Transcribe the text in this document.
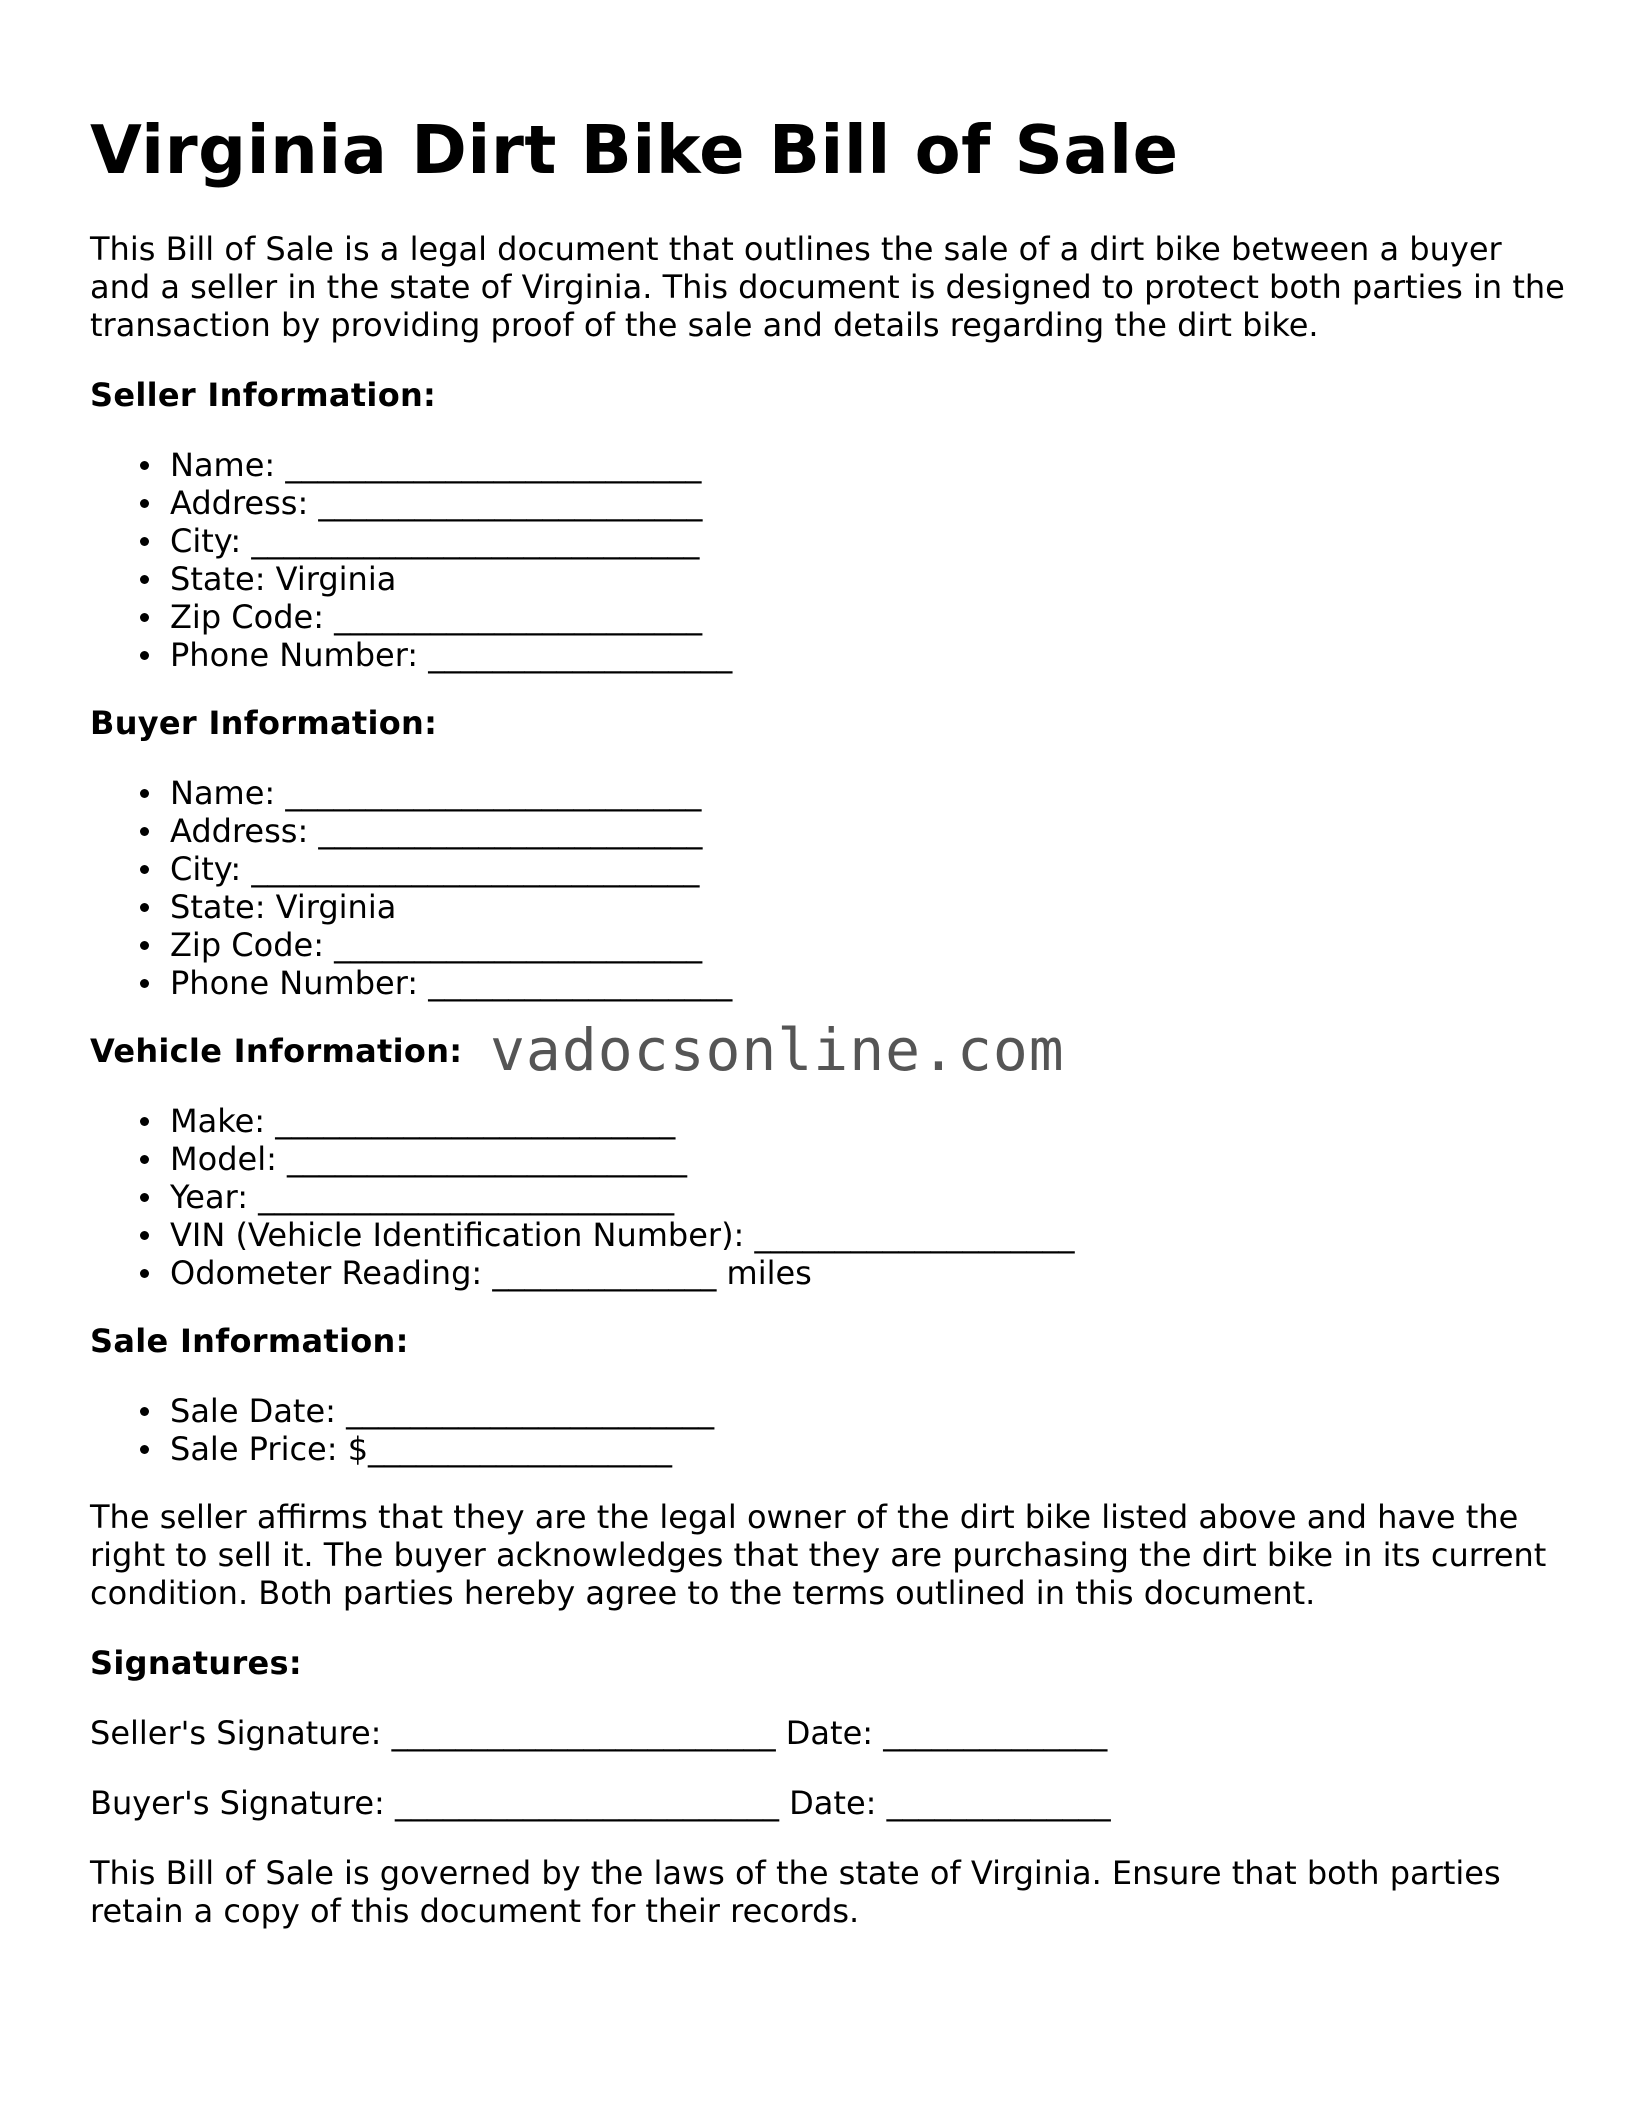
Virginia Dirt Bike Bill of Sale

This Bill of Sale is a legal document that outlines the sale of a dirt bike between a buyer and a seller in the state of Virginia. This document is designed to protect both parties in the transaction by providing proof of the sale and details regarding the dirt bike.

Seller Information:
Name: __________________________
Address: ________________________
City: ____________________________
State: Virginia
Zip Code: _______________________
Phone Number: ___________________
Buyer Information:
Name: __________________________
Address: ________________________
City: ____________________________
State: Virginia
Zip Code: _______________________
Phone Number: ___________________
Vehicle Information: vadocsonline.com
Make: _________________________
Model: _________________________
Year: __________________________
VIN (Vehicle Identification Number): ____________________
Odometer Reading: ______________ miles
Sale Information:
Sale Date: _______________________
Sale Price: $___________________

The seller affirms that they are the legal owner of the dirt bike listed above and have the right to sell it. The buyer acknowledges that they are purchasing the dirt bike in its current condition. Both parties hereby agree to the terms outlined in this document.

Signatures:
Seller's Signature: ________________________ Date: ______________
Buyer's Signature: ________________________ Date: ______________

This Bill of Sale is governed by the laws of the state of Virginia. Ensure that both parties retain a copy of this document for their records.
